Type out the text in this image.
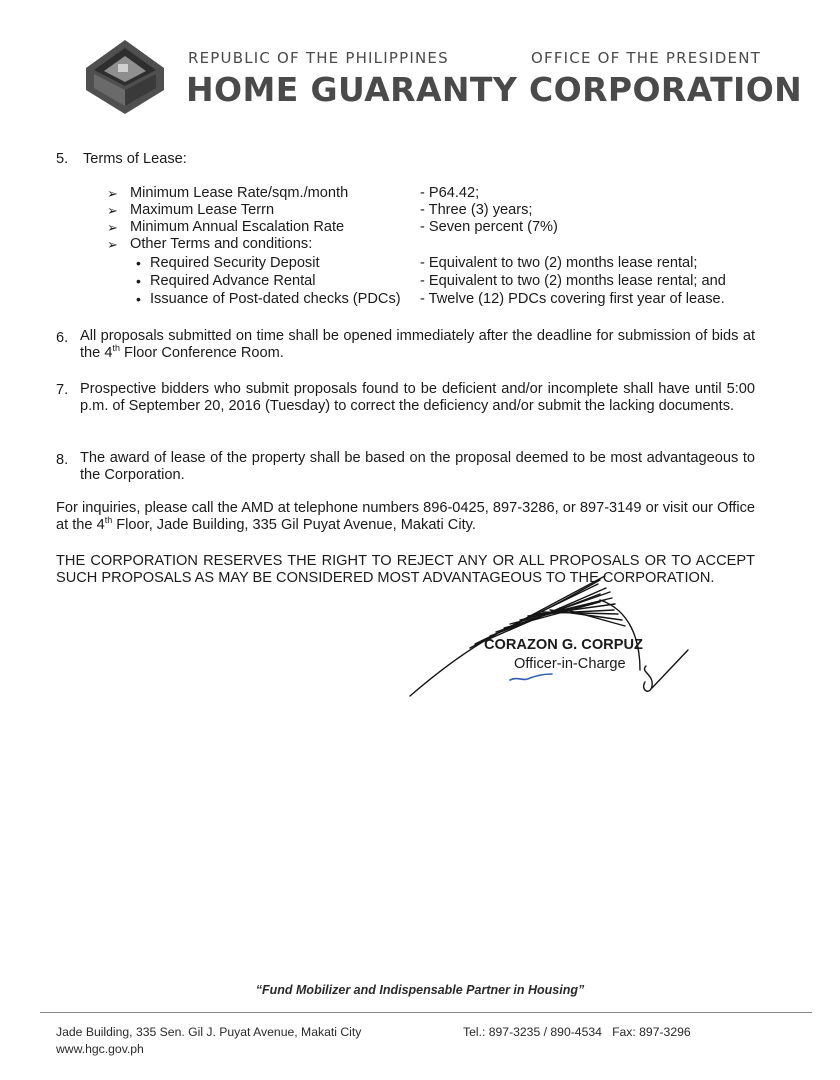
REPUBLIC OF THE PHILIPPINES	OFFICE OF THE PRESIDENT
HOME GUARANTY CORPORATION
5. Terms of Lease:
➢ Minimum Lease Rate/sqm./month	- P64.42;
➢ Maximum Lease Terrn	- Three (3) years;
➢ Minimum Annual Escalation Rate	- Seven percent (7%)
➢ Other Terms and conditions:
• Required Security Deposit	- Equivalent to two (2) months lease rental;
• Required Advance Rental	- Equivalent to two (2) months lease rental; and
• Issuance of Post-dated checks (PDCs) - Twelve (12) PDCs covering first year of lease.
6. All proposals submitted on time shall be opened immediately after the deadline for submission of bids at the 4th Floor Conference Room.
7. Prospective bidders who submit proposals found to be deficient and/or incomplete shall have until 5:00 p.m. of September 20, 2016 (Tuesday) to correct the deficiency and/or submit the lacking documents.
8. The award of lease of the property shall be based on the proposal deemed to be most advantageous to the Corporation.
For inquiries, please call the AMD at telephone numbers 896-0425, 897-3286, or 897-3149 or visit our Office at the 4th Floor, Jade Building, 335 Gil Puyat Avenue, Makati City.
THE CORPORATION RESERVES THE RIGHT TO REJECT ANY OR ALL PROPOSALS OR TO ACCEPT SUCH PROPOSALS AS MAY BE CONSIDERED MOST ADVANTAGEOUS TO THE CORPORATION.
CORAZON G. CORPUZ
Officer-in-Charge
“Fund Mobilizer and Indispensable Partner in Housing”
Jade Building, 335 Sen. Gil J. Puyat Avenue, Makati City
www.hgc.gov.ph
Tel.: 897-3235 / 890-4534   Fax: 897-3296
